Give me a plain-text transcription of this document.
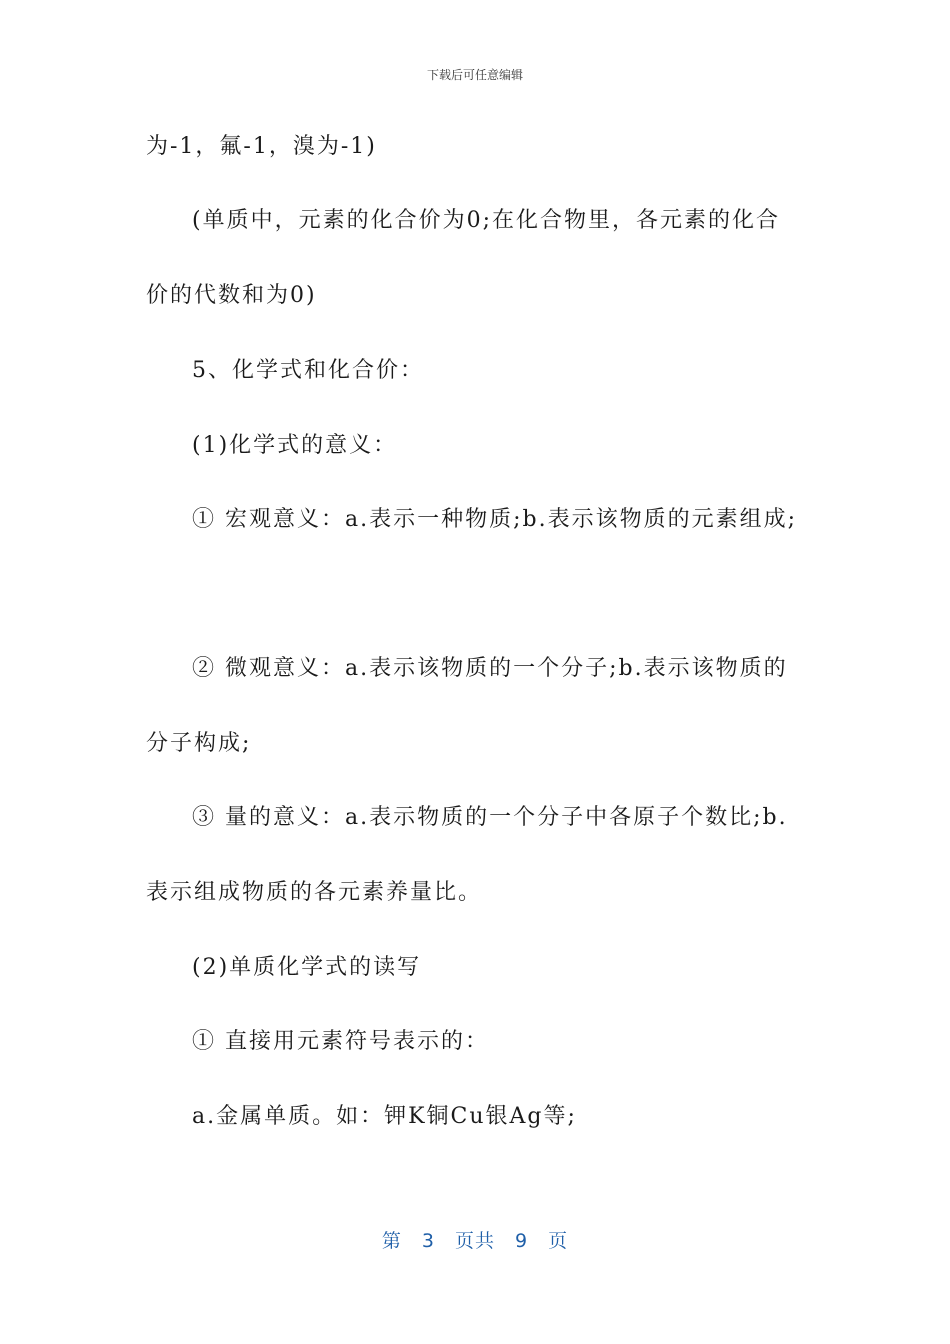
下载后可任意编辑
为-1，氟-1，溴为-1)
(单质中，元素的化合价为0;在化合物里，各元素的化合
价的代数和为0)
5、化学式和化合价：
(1)化学式的意义：
① 宏观意义：a.表示一种物质;b.表示该物质的元素组成;
② 微观意义：a.表示该物质的一个分子;b.表示该物质的
分子构成;
③ 量的意义：a.表示物质的一个分子中各原子个数比;b.
表示组成物质的各元素养量比。
(2)单质化学式的读写
① 直接用元素符号表示的：
a.金属单质。如：钾K铜Cu银Ag等;
第 3 页共 9 页
